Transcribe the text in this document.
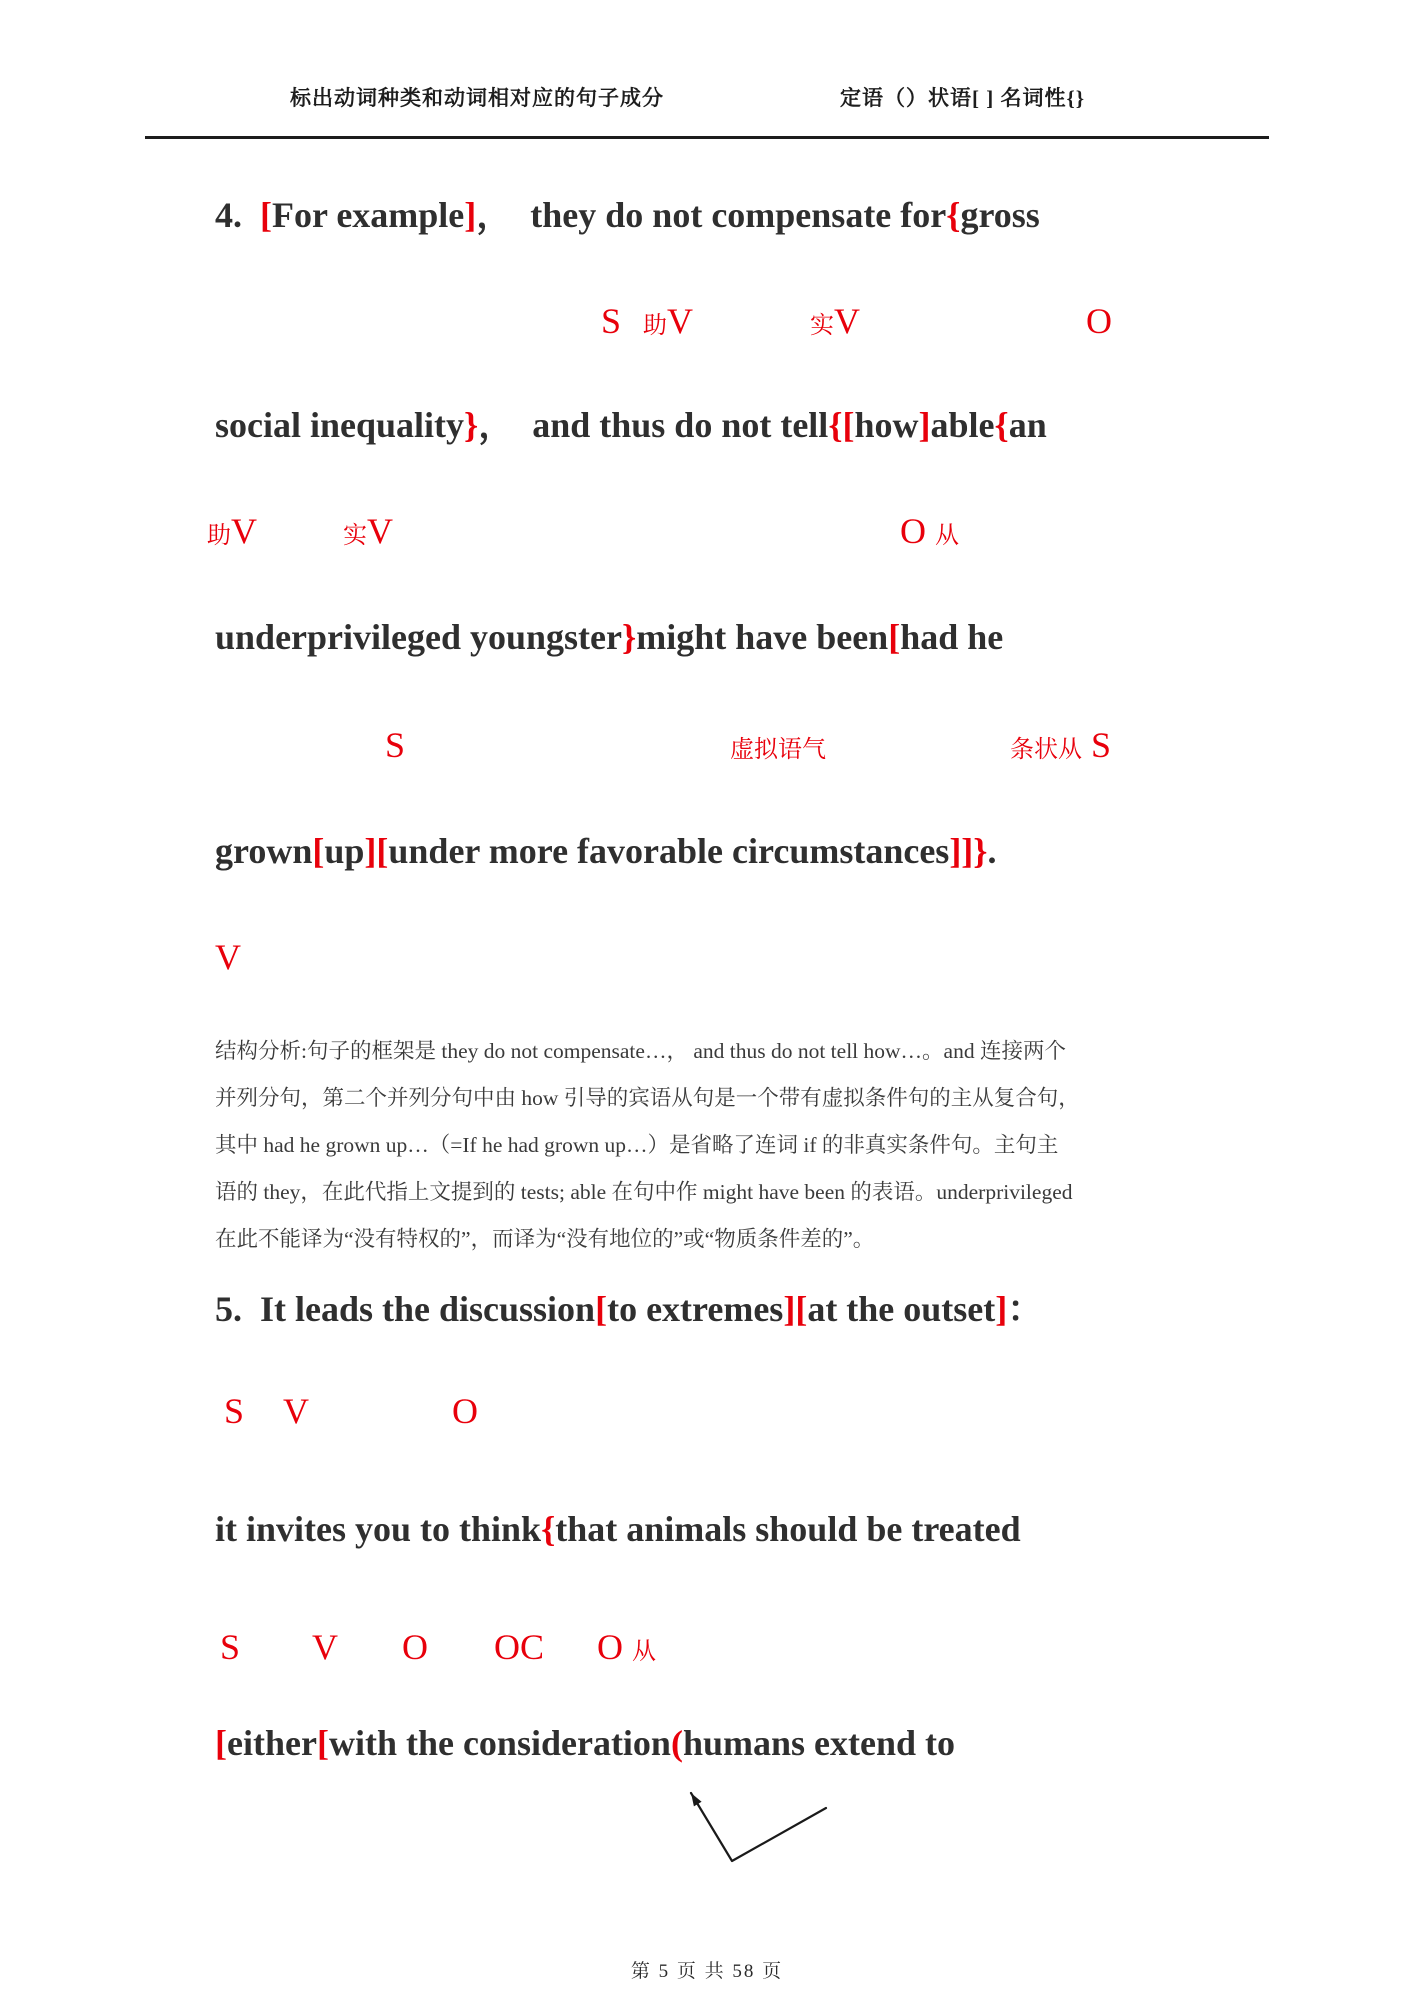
标出动词种类和动词相对应的句子成分	定语（）状语[ ] 名词性{}
4.  [For example]，  they do not compensate for{gross
S 助V	实V	O
social inequality}，  and thus do not tell{[how]able{an
助V	实V	O 从
underprivileged youngster}might have been[had he
S	虚拟语气	条状从 S
grown[up][under more favorable circumstances]]}.
V
结构分析:句子的框架是 they do not compensate…， and thus do not tell how…。and 连接两个
并列分句，第二个并列分句中由 how 引导的宾语从句是一个带有虚拟条件句的主从复合句，
其中 had he grown up…（=If he had grown up…）是省略了连词 if 的非真实条件句。主句主
语的 they，在此代指上文提到的 tests; able 在句中作 might have been 的表语。underprivileged
在此不能译为“没有特权的”，而译为“没有地位的”或“物质条件差的”。
5.  It leads the discussion[to extremes][at the outset]：
S V	O
it invites you to think{that animals should be treated
S V O OC O 从
[either[with the consideration(humans extend to
第 5 页 共 58 页
